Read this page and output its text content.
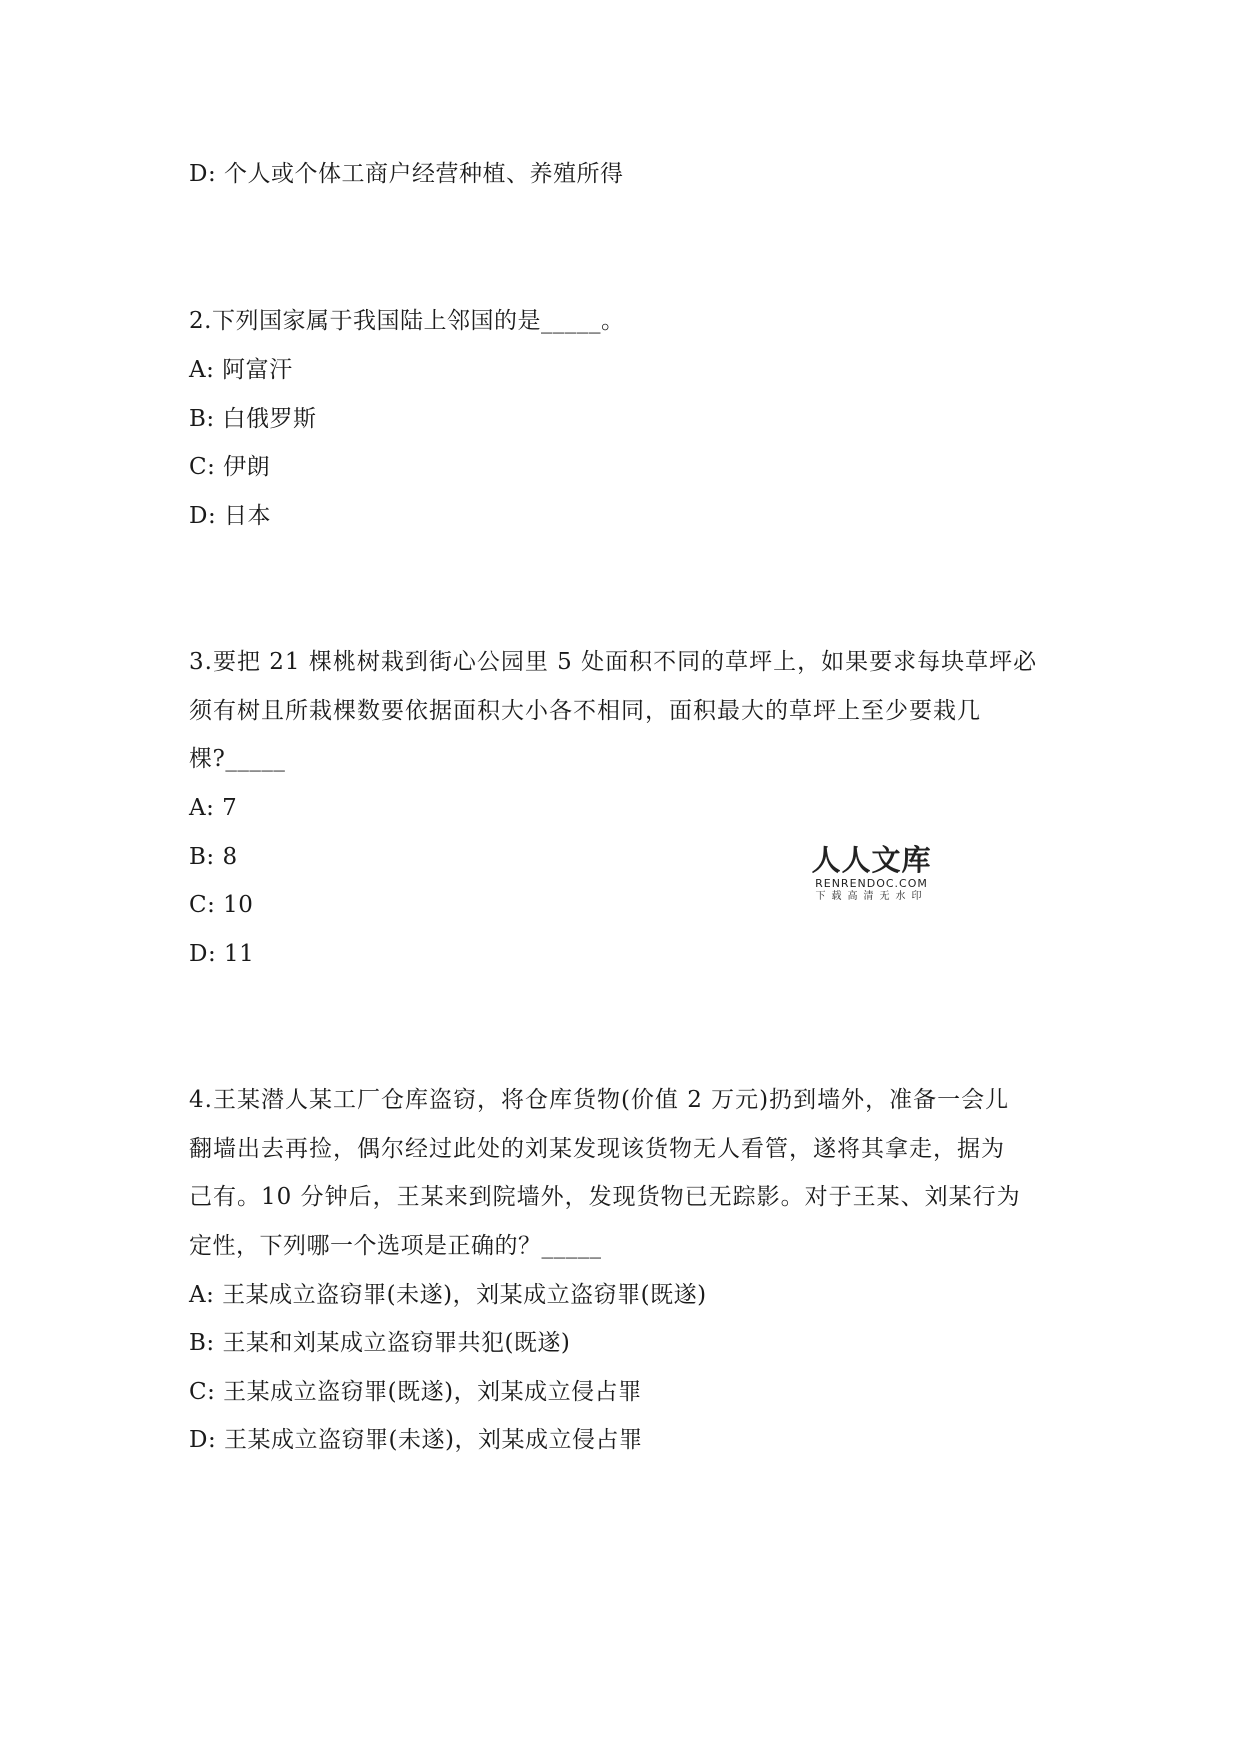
D: 个人或个体工商户经营种植、养殖所得
2.下列国家属于我国陆上邻国的是_____。
A: 阿富汗
B: 白俄罗斯
C: 伊朗
D: 日本
3.要把 21 棵桃树栽到街心公园里 5 处面积不同的草坪上，如果要求每块草坪必
须有树且所栽棵数要依据面积大小各不相同，面积最大的草坪上至少要栽几
棵?_____
A: 7
B: 8
C: 10
D: 11
人人文库
RENRENDOC.COM
下载高清无水印
4.王某潜人某工厂仓库盗窃，将仓库货物(价值 2 万元)扔到墙外，准备一会儿
翻墙出去再捡，偶尔经过此处的刘某发现该货物无人看管，遂将其拿走，据为
己有。10 分钟后，王某来到院墙外，发现货物已无踪影。对于王某、刘某行为
定性，下列哪一个选项是正确的？_____
A: 王某成立盗窃罪(未遂)，刘某成立盗窃罪(既遂)
B: 王某和刘某成立盗窃罪共犯(既遂)
C: 王某成立盗窃罪(既遂)，刘某成立侵占罪
D: 王某成立盗窃罪(未遂)，刘某成立侵占罪
